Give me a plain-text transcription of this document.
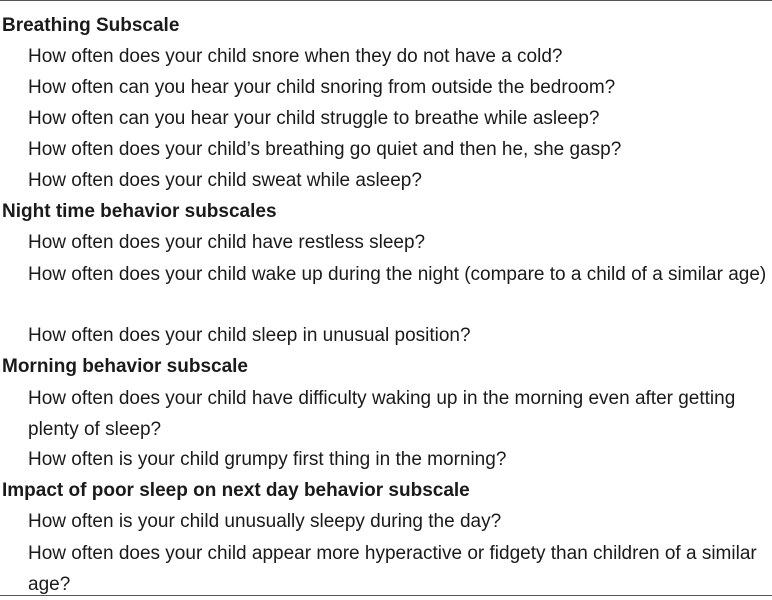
Breathing Subscale
How often does your child snore when they do not have a cold?
How often can you hear your child snoring from outside the bedroom?
How often can you hear your child struggle to breathe while asleep?
How often does your child’s breathing go quiet and then he, she gasp?
How often does your child sweat while asleep?
Night time behavior subscales
How often does your child have restless sleep?
How often does your child wake up during the night (compare to a child of a similar age)
How often does your child sleep in unusual position?
Morning behavior subscale
How often does your child have difficulty waking up in the morning even after getting plenty of sleep?
How often is your child grumpy first thing in the morning?
Impact of poor sleep on next day behavior subscale
How often is your child unusually sleepy during the day?
How often does your child appear more hyperactive or fidgety than children of a similar age?
